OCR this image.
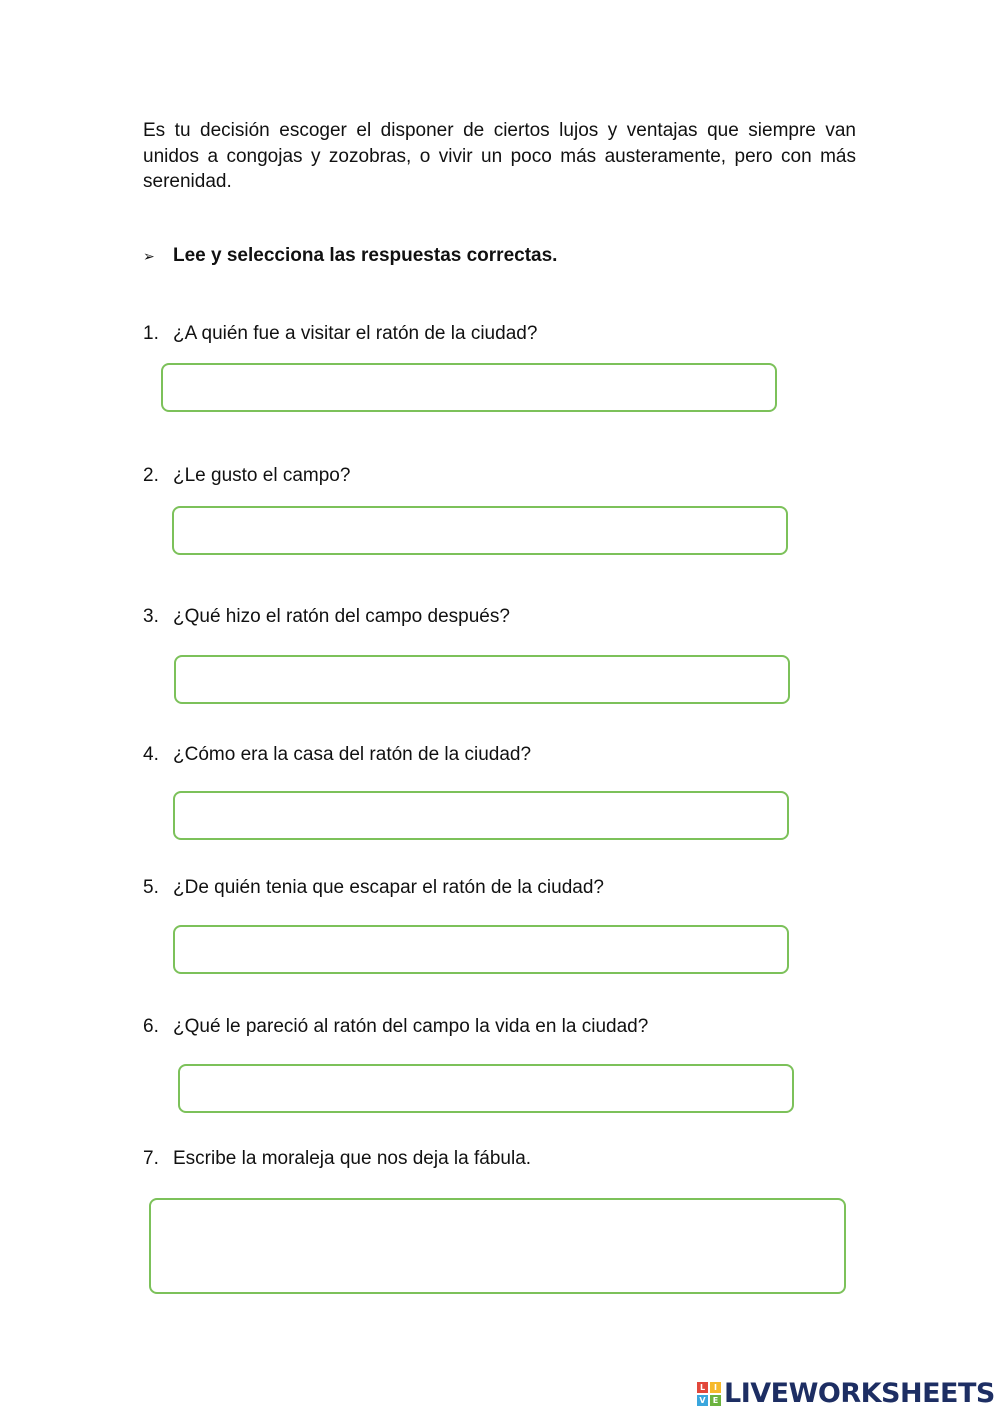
Es tu decisión escoger el disponer de ciertos lujos y ventajas que siempre van unidos a congojas y zozobras, o vivir un poco más austeramente, pero con más serenidad.

➢ Lee y selecciona las respuestas correctas.
1. ¿A quién fue a visitar el ratón de la ciudad?
2. ¿Le gusto el campo?
3. ¿Qué hizo el ratón del campo después?
4. ¿Cómo era la casa del ratón de la ciudad?
5. ¿De quién tenia que escapar el ratón de la ciudad?
6. ¿Qué le pareció al ratón del campo la vida en la ciudad?
7. Escribe la moraleja que nos deja la fábula.
L	I
V E LIVEWORKSHEETS
